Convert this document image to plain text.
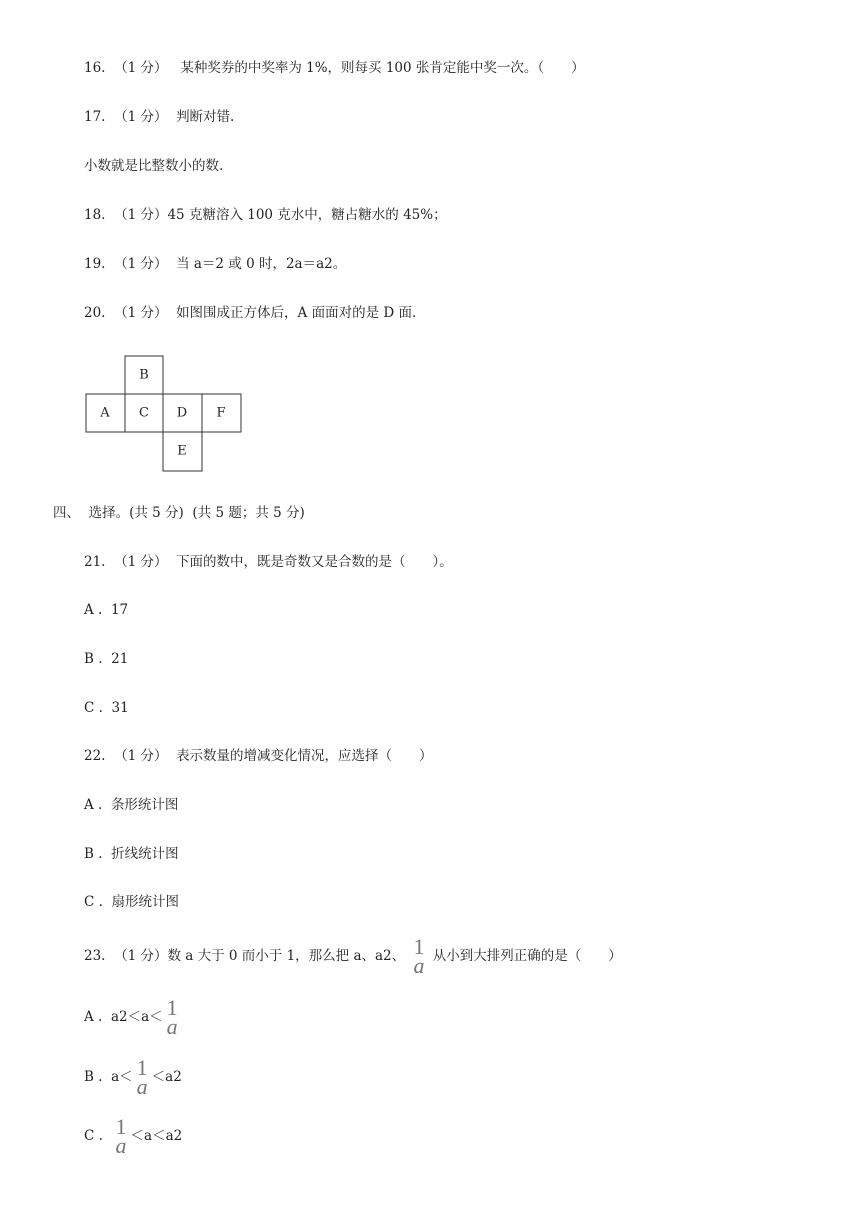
16. （1 分） 某种奖券的中奖率为 1%，则每买 100 张肯定能中奖一次。（　　）
17. （1 分） 判断对错.
小数就是比整数小的数.
18. （1 分）45 克糖溶入 100 克水中，糖占糖水的 45%；
19. （1 分） 当 a＝2 或 0 时，2a＝a2。
20. （1 分） 如图围成正方体后，A 面面对的是 D 面.
B
A C D F
E
四、 选择。(共 5 分) (共 5 题；共 5 分)
21. （1 分） 下面的数中，既是奇数又是合数的是（　　）。
A . 17
B . 21
C . 31
22. （1 分） 表示数量的增减变化情况，应选择（　　）
A . 条形统计图
B . 折线统计图
C . 扇形统计图
23. （1 分）数 a 大于 0 而小于 1，那么把 a、a2、 1
a 从小到大排列正确的是（　　）
A . a2＜a＜ 1
a
B . a＜ 1
a ＜a2
C . 1
a ＜a＜a2
